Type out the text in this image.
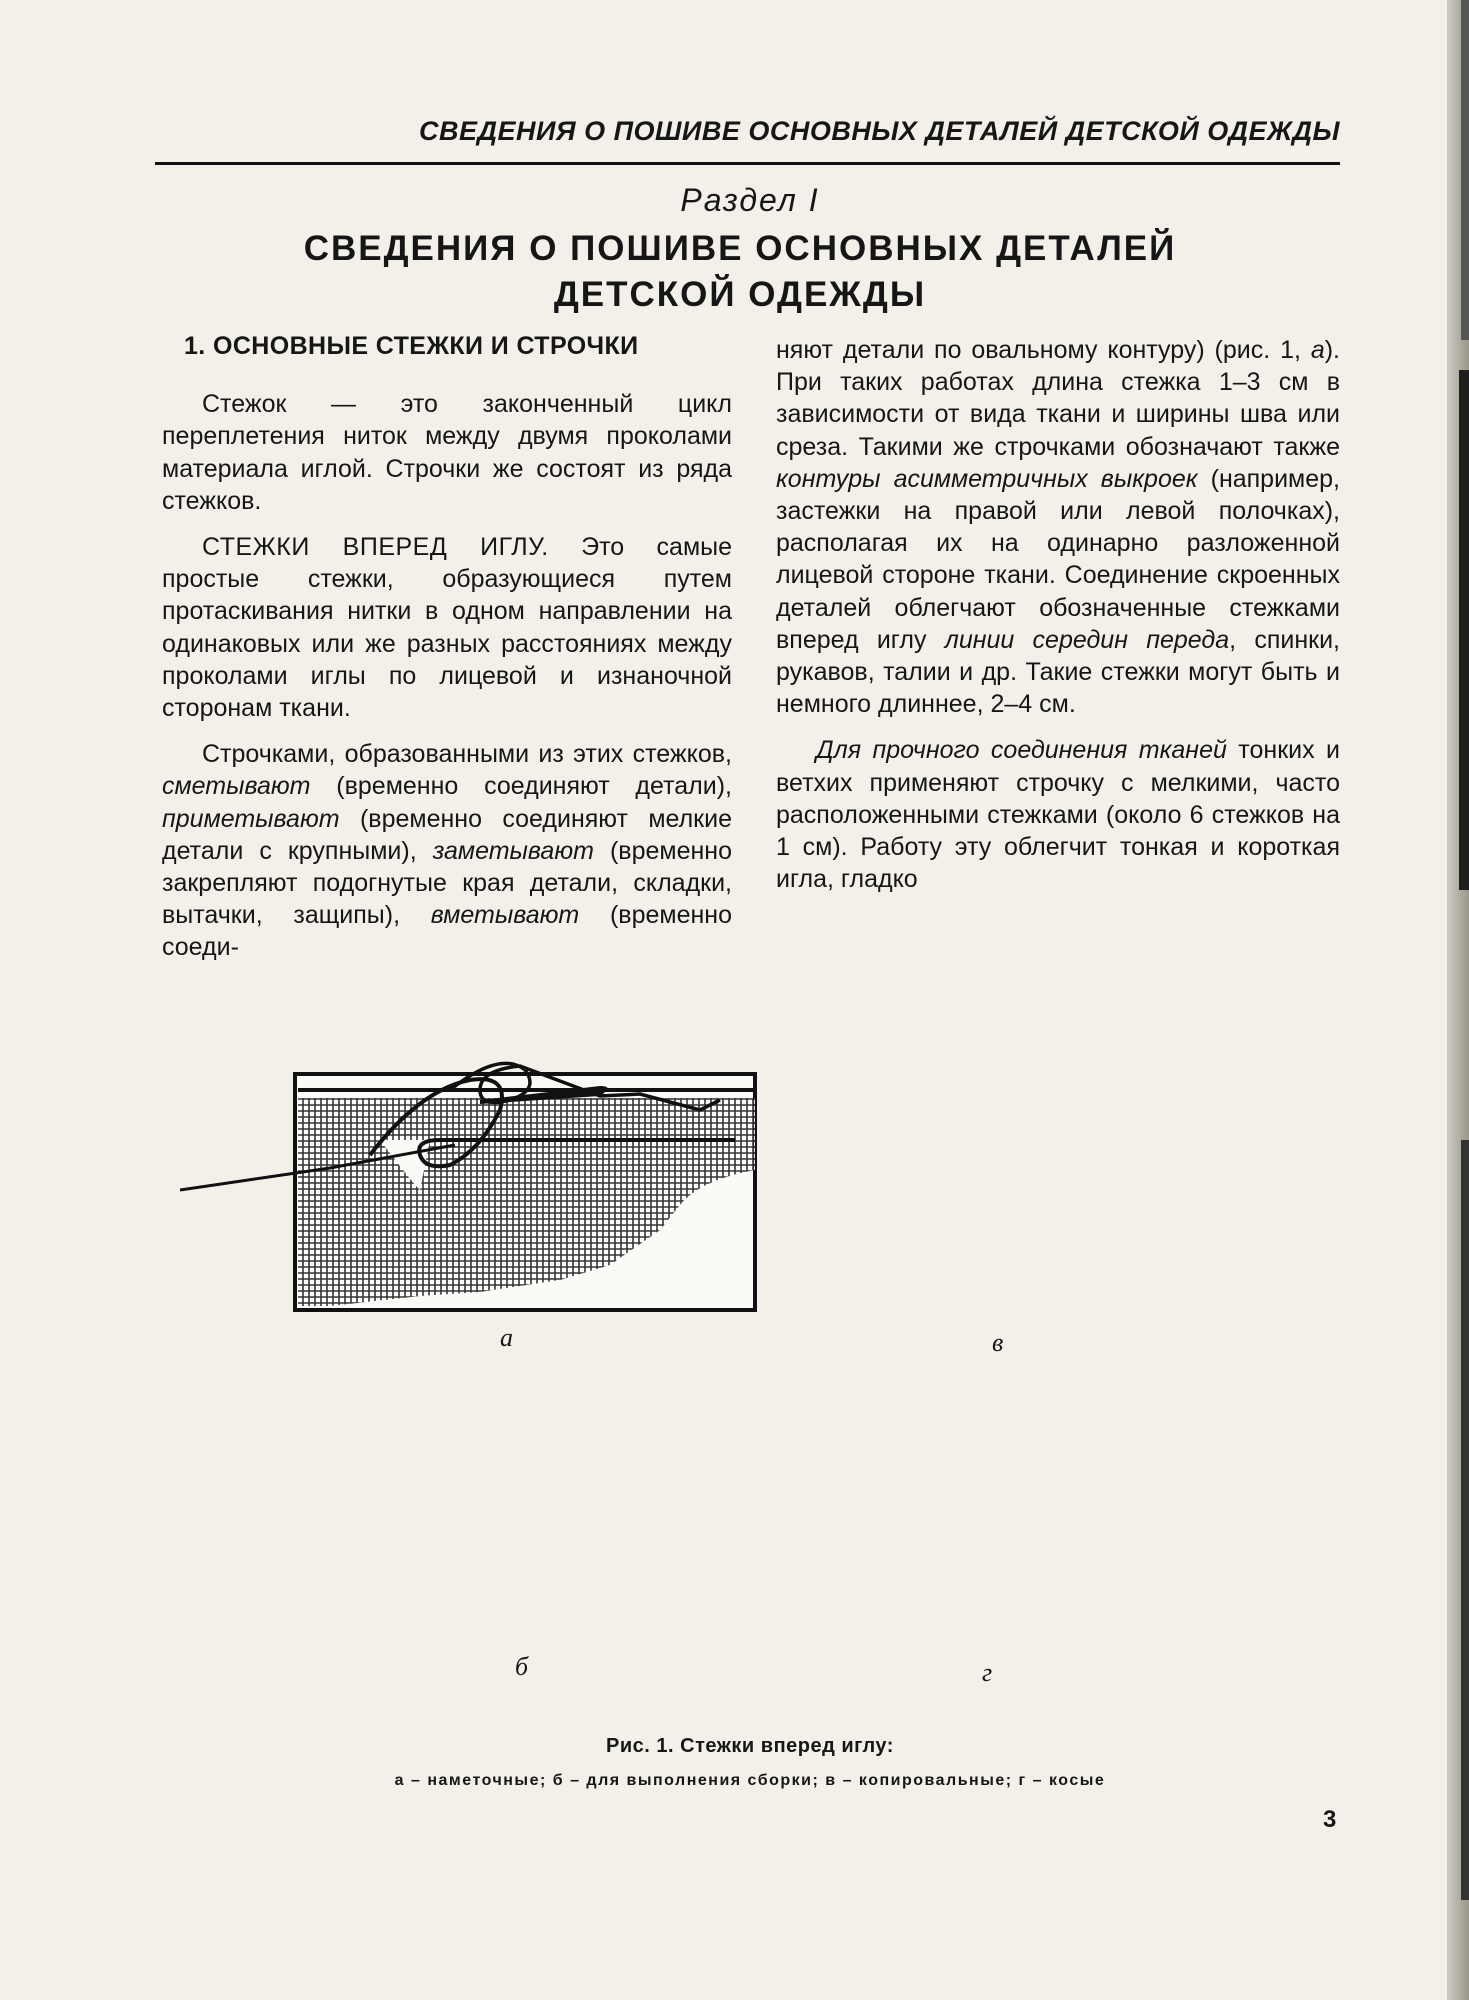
СВЕДЕНИЯ О ПОШИВЕ ОСНОВНЫХ ДЕТАЛЕЙ ДЕТСКОЙ ОДЕЖДЫ
Раздел I
СВЕДЕНИЯ О ПОШИВЕ ОСНОВНЫХ ДЕТАЛЕЙ
ДЕТСКОЙ ОДЕЖДЫ
1. ОСНОВНЫЕ СТЕЖКИ И СТРОЧКИ

Стежок — это законченный цикл переплетения ниток между двумя проколами материала иглой. Строчки же состоят из ряда стежков.

СТЕЖКИ ВПЕРЕД ИГЛУ. Это самые простые стежки, образующиеся путем протаскивания нитки в одном направлении на одинаковых или же разных расстояниях между проколами иглы по лицевой и изнаночной сторонам ткани.

Строчками, образованными из этих стежков, сметывают (временно соединяют детали), приметывают (временно соединяют мелкие детали с крупными), заметывают (временно закрепляют подогнутые края детали, складки, вытачки, защипы), вметывают (временно соеди-

няют детали по овальному контуру) (рис. 1, а). При таких работах длина стежка 1–3 см в зависимости от вида ткани и ширины шва или среза. Такими же строчками обозначают также контуры асимметричных выкроек (например, застежки на правой или левой полочках), располагая их на одинарно разложенной лицевой стороне ткани. Соединение скроенных деталей облегчают обозначенные стежками вперед иглу линии середин переда, спинки, рукавов, талии и др. Такие стежки могут быть и немного длиннее, 2–4 см.

Для прочного соединения тканей тонких и ветхих применяют строчку с мелкими, часто расположенными стежками (около 6 стежков на 1 см). Работу эту облегчит тонкая и короткая игла, гладко

а
б
в
г
Рис. 1. Стежки вперед иглу:
а – наметочные; б – для выполнения сборки; в – копировальные; г – косые
3
